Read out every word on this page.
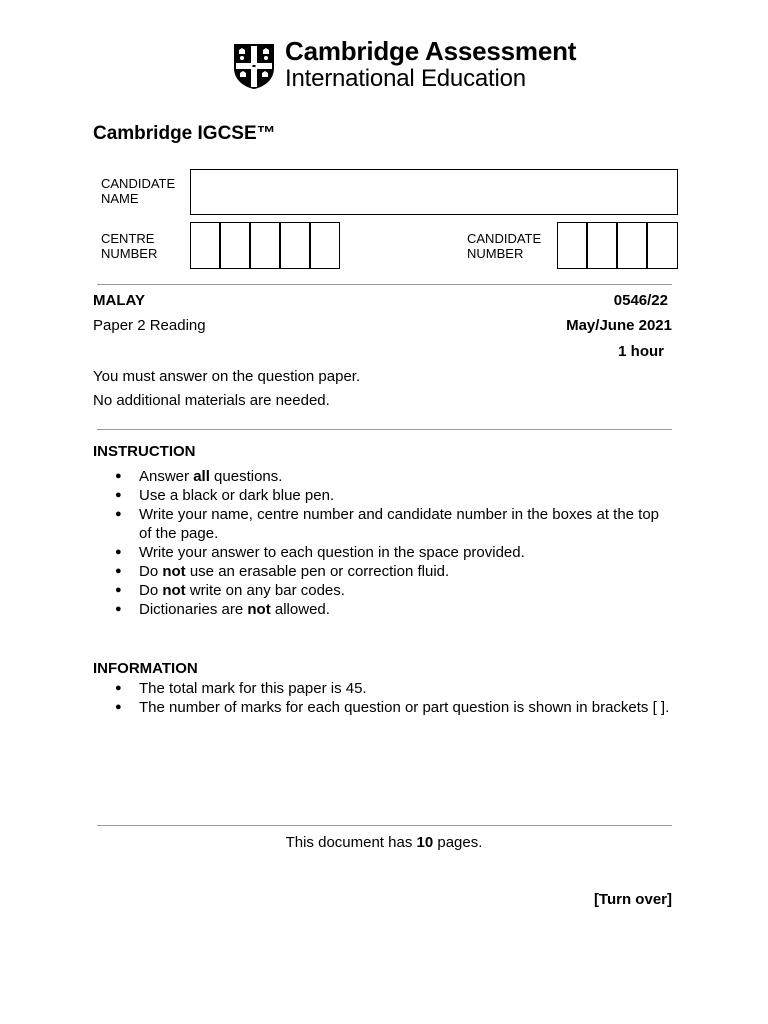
Cambridge Assessment
International Education
Cambridge IGCSE™
CANDIDATE
NAME
CENTRE
NUMBER
CANDIDATE
NUMBER
MALAY	0546/22
Paper 2 Reading	May/June 2021
1 hour
You must answer on the question paper.
No additional materials are needed.
INSTRUCTION
● Answer all questions.
● Use a black or dark blue pen.
● Write your name, centre number and candidate number in the boxes at the top of the page.
● Write your answer to each question in the space provided.
● Do not use an erasable pen or correction fluid.
● Do not write on any bar codes.
● Dictionaries are not allowed.
INFORMATION
● The total mark for this paper is 45.
● The number of marks for each question or part question is shown in brackets [ ].
This document has 10 pages.
[Turn over]
